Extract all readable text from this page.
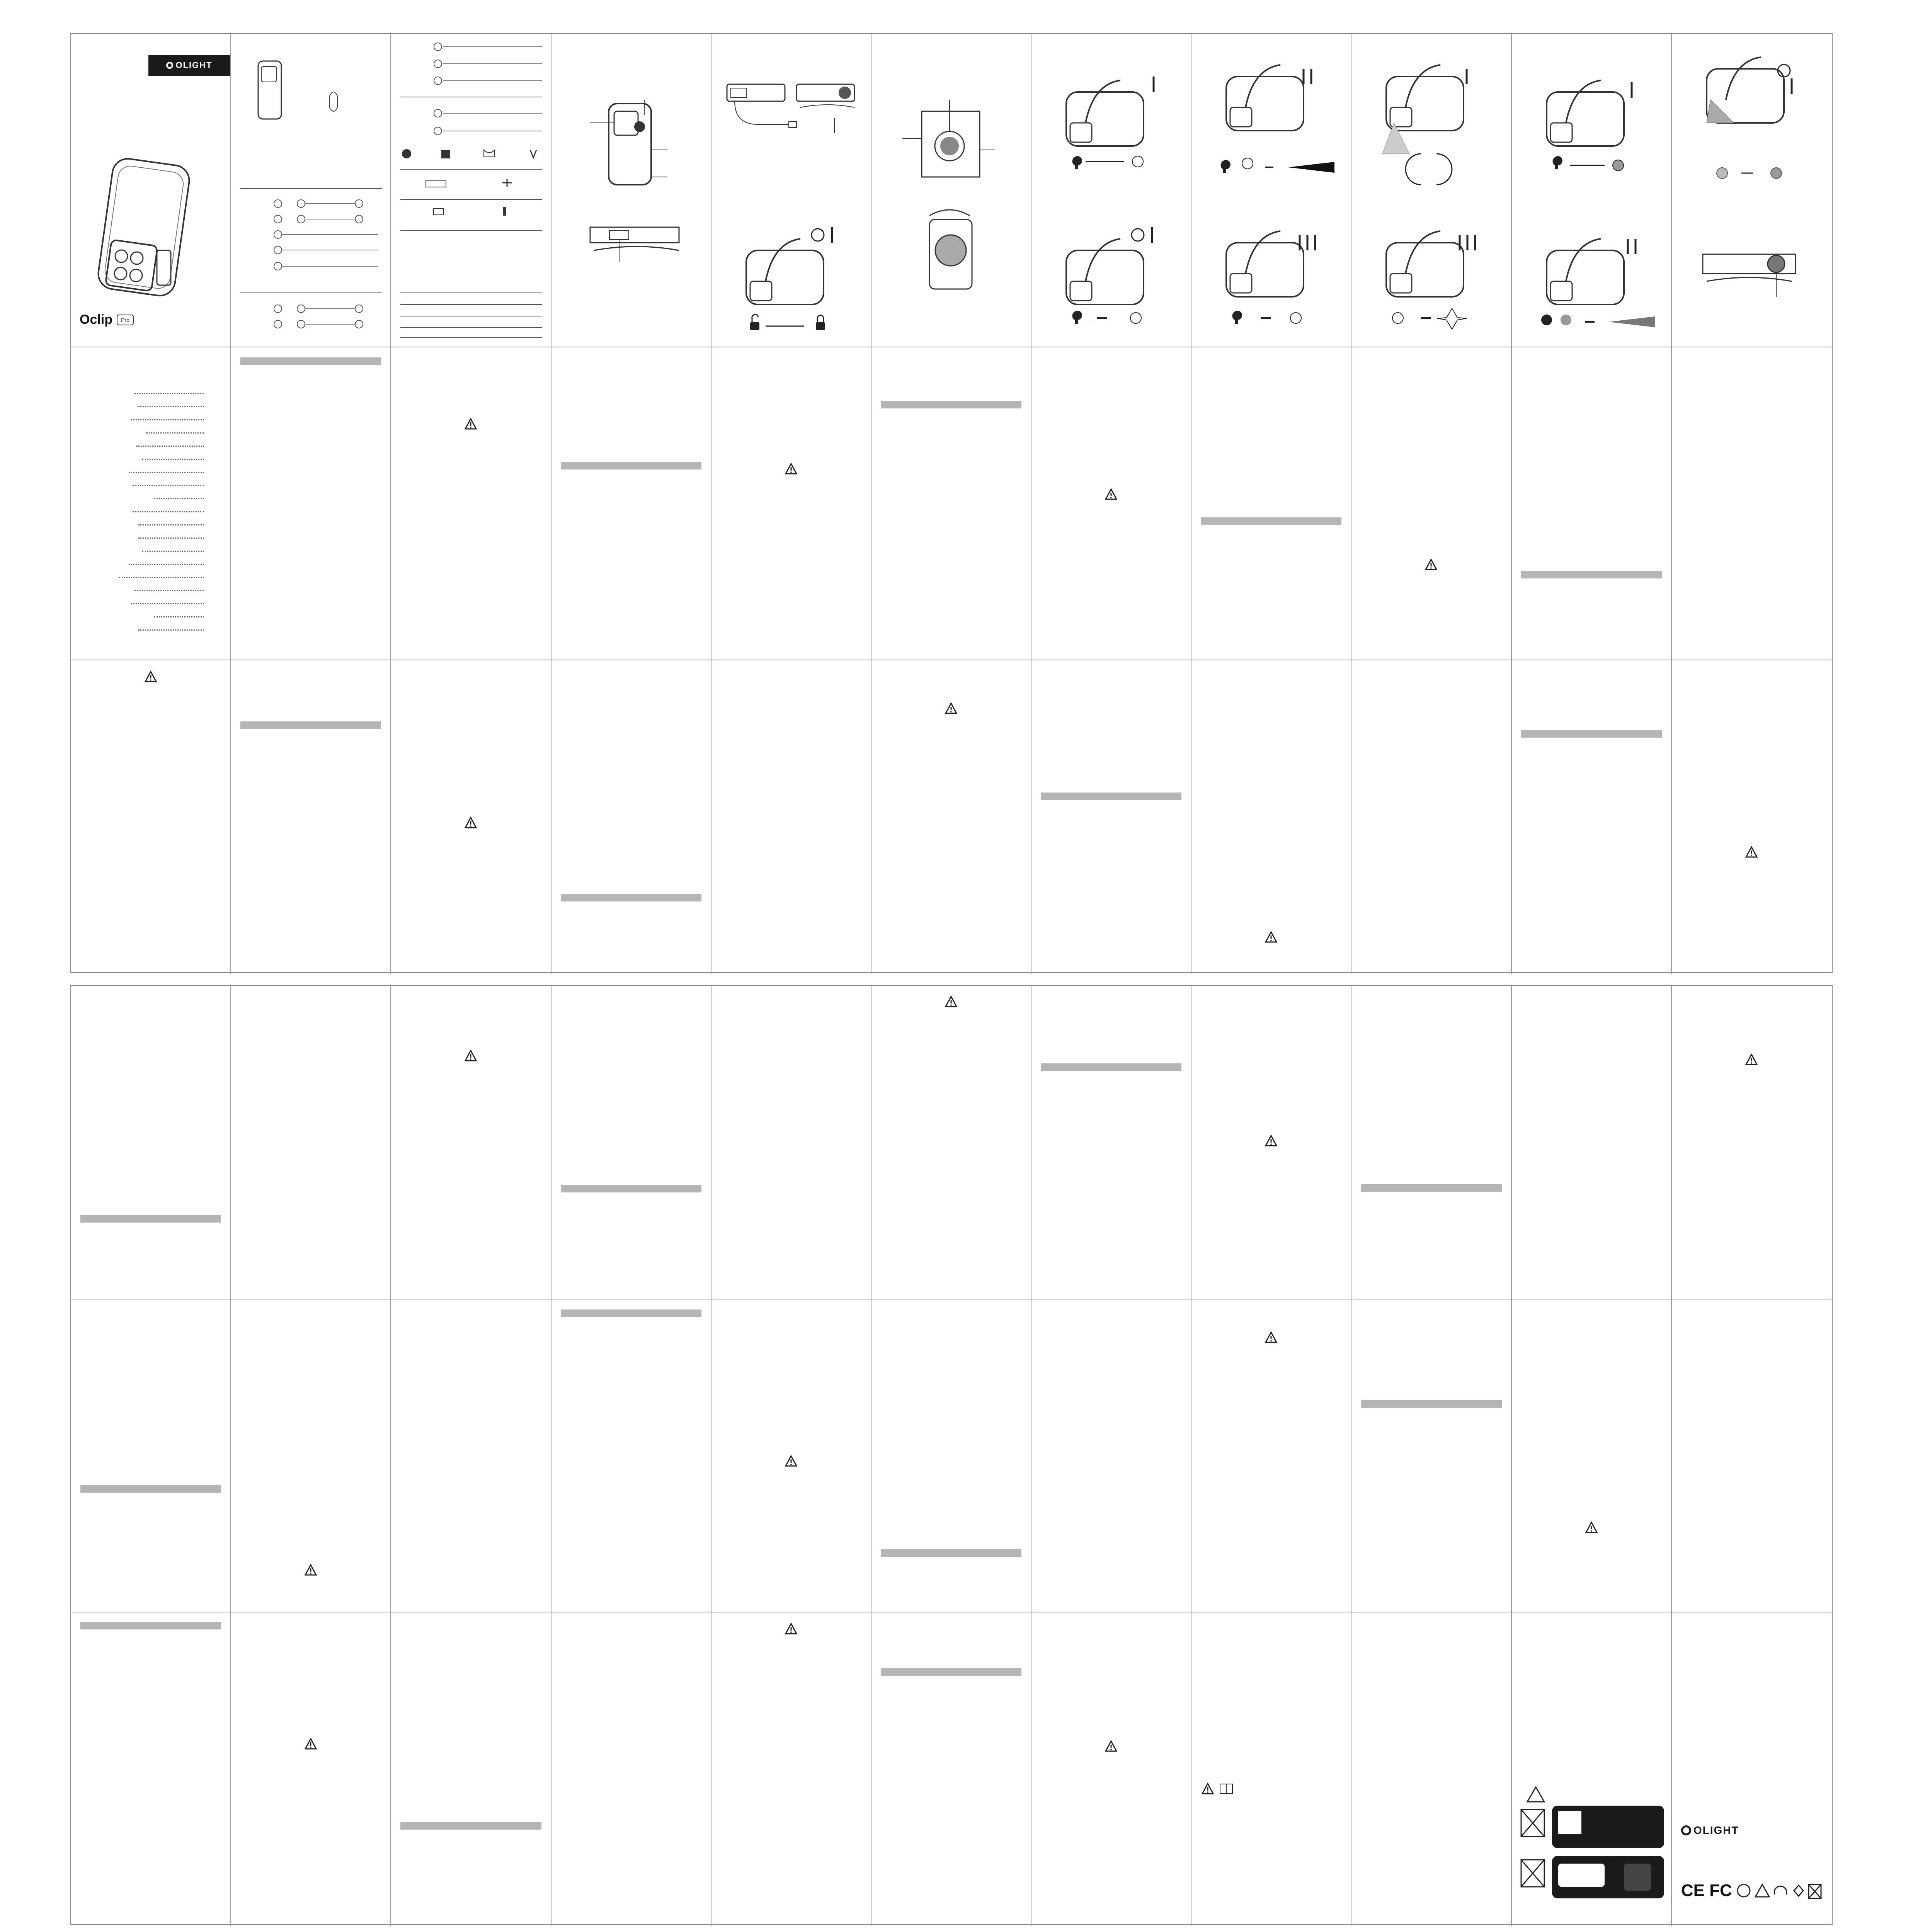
OLIGHT
Oclip	Pro
OLIGHT
CE FC
